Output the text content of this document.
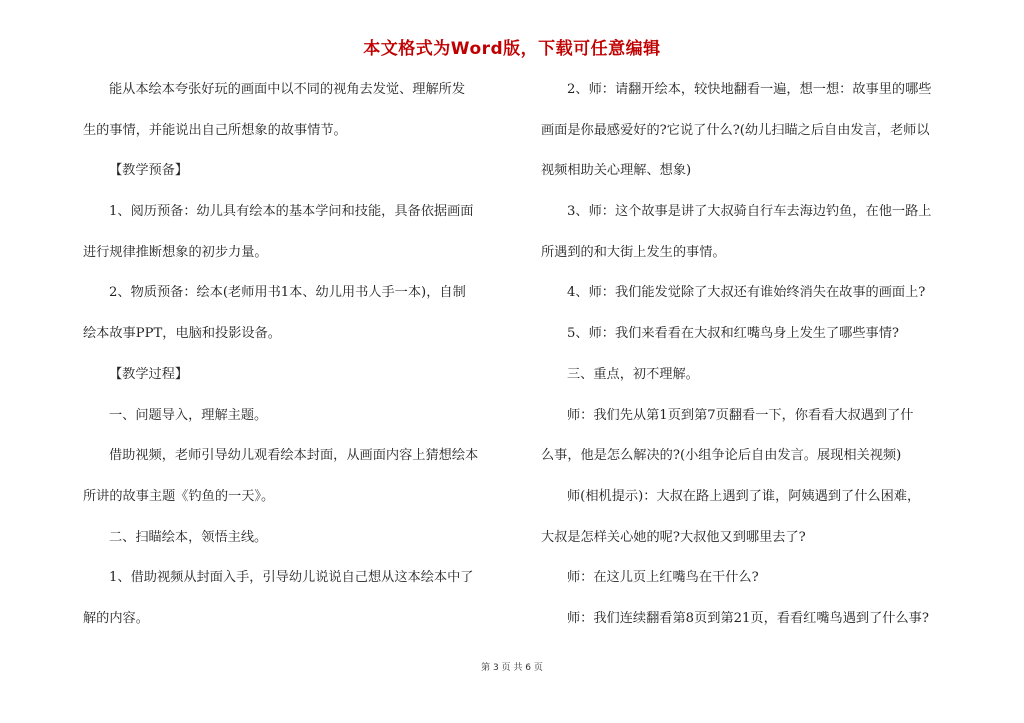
本文格式为Word版，下载可任意编辑
能从本绘本夸张好玩的画面中以不同的视角去发觉、理解所发
生的事情，并能说出自己所想象的故事情节。
【教学预备】
1、阅历预备：幼儿具有绘本的基本学问和技能，具备依据画面
进行规律推断想象的初步力量。
2、物质预备：绘本(老师用书1本、幼儿用书人手一本)，自制
绘本故事PPT，电脑和投影设备。
【教学过程】
一、问题导入，理解主题。
借助视频，老师引导幼儿观看绘本封面，从画面内容上猜想绘本
所讲的故事主题《钓鱼的一天》。
二、扫瞄绘本，领悟主线。
1、借助视频从封面入手，引导幼儿说说自己想从这本绘本中了
解的内容。
2、师：请翻开绘本，较快地翻看一遍，想一想：故事里的哪些
画面是你最感爱好的?它说了什么?(幼儿扫瞄之后自由发言，老师以
视频相助关心理解、想象)
3、师：这个故事是讲了大叔骑自行车去海边钓鱼，在他一路上
所遇到的和大街上发生的事情。
4、师：我们能发觉除了大叔还有谁始终消失在故事的画面上?
5、师：我们来看看在大叔和红嘴鸟身上发生了哪些事情?
三、重点，初不理解。
师：我们先从第1页到第7页翻看一下，你看看大叔遇到了什
么事，他是怎么解决的?(小组争论后自由发言。展现相关视频)
师(相机提示)：大叔在路上遇到了谁，阿姨遇到了什么困难，
大叔是怎样关心她的呢?大叔他又到哪里去了?
师：在这儿页上红嘴鸟在干什么?
师：我们连续翻看第8页到第21页，看看红嘴鸟遇到了什么事?
第 3 页 共 6 页
